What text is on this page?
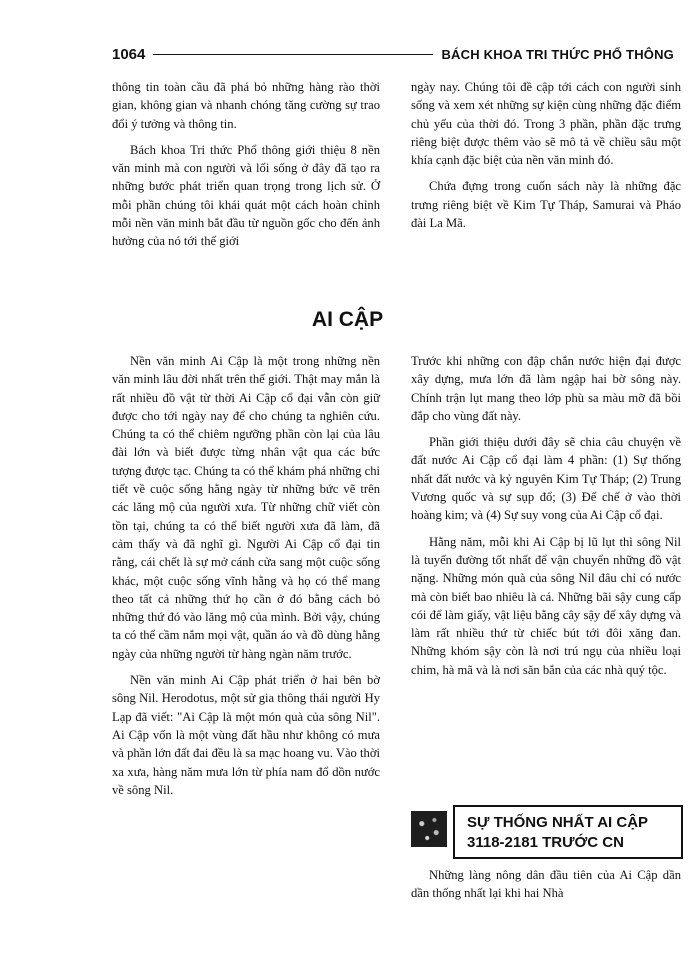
1064	BÁCH KHOA TRI THỨC PHỔ THÔNG

thông tin toàn cầu đã phá bỏ những hàng rào thời gian, không gian và nhanh chóng tăng cường sự trao đổi ý tưởng và thông tin.

Bách khoa Tri thức Phổ thông giới thiệu 8 nền văn minh mà con người và lối sống ở đây đã tạo ra những bước phát triển quan trọng trong lịch sử. Ở mỗi phần chúng tôi khái quát một cách hoàn chỉnh mỗi nền văn minh bắt đầu từ nguồn gốc cho đến ảnh hưởng của nó tới thế giới

ngày nay. Chúng tôi đề cập tới cách con người sinh sống và xem xét những sự kiện cùng những đặc điểm chủ yếu của thời đó. Trong 3 phần, phần đặc trưng riêng biệt được thêm vào sẽ mô tả về chiều sâu một khía cạnh đặc biệt của nền văn minh đó.

Chứa đựng trong cuốn sách này là những đặc trưng riêng biệt về Kim Tự Tháp, Samurai và Pháo đài La Mã.

AI CẬP

Nền văn minh Ai Cập là một trong những nền văn minh lâu đời nhất trên thế giới. Thật may mắn là rất nhiều đồ vật từ thời Ai Cập cổ đại vẫn còn giữ được cho tới ngày nay để cho chúng ta nghiên cứu. Chúng ta có thể chiêm ngưỡng phần còn lại của lâu đài lớn và biết được từng nhân vật qua các bức tượng được tạc. Chúng ta có thể khám phá những chi tiết về cuộc sống hằng ngày từ những bức vẽ trên các lăng mộ của người xưa. Từ những chữ viết còn tồn tại, chúng ta có thể biết người xưa đã làm, đã cảm thấy và đã nghĩ gì. Người Ai Cập cổ đại tin rằng, cái chết là sự mở cánh cửa sang một cuộc sống khác, một cuộc sống vĩnh hằng và họ có thể mang theo tất cả những thứ họ cần ở đó bằng cách bỏ những thứ đó vào lăng mộ của mình. Bởi vậy, chúng ta có thể cầm nắm mọi vật, quần áo và đồ dùng hằng ngày của những người từ hàng ngàn năm trước.

Nền văn minh Ai Cập phát triển ở hai bên bờ sông Nil. Herodotus, một sử gia thông thái người Hy Lạp đã viết: "Ai Cập là một món quà của sông Nil". Ai Cập vốn là một vùng đất hầu như không có mưa và phần lớn đất đai đều là sa mạc hoang vu. Vào thời xa xưa, hàng năm mưa lớn từ phía nam đổ dồn nước về sông Nil.

Trước khi những con đập chắn nước hiện đại được xây dựng, mưa lớn đã làm ngập hai bờ sông này. Chính trận lụt mang theo lớp phù sa màu mỡ đã bồi đắp cho vùng đất này.

Phần giới thiệu dưới đây sẽ chia câu chuyện về đất nước Ai Cập cổ đại làm 4 phần: (1) Sự thống nhất đất nước và kỷ nguyên Kim Tự Tháp; (2) Trung Vương quốc và sự sụp đổ; (3) Đế chế ở vào thời hoàng kim; và (4) Sự suy vong của Ai Cập cổ đại.

Hằng năm, mỗi khi Ai Cập bị lũ lụt thì sông Nil là tuyến đường tốt nhất để vận chuyển những đồ vật nặng. Những món quà của sông Nil đâu chỉ có nước mà còn biết bao nhiêu là cá. Những bãi sậy cung cấp cói để làm giấy, vật liệu bằng cây sậy để xây dựng và làm rất nhiều thứ từ chiếc bút tới đôi xăng đan. Những khóm sậy còn là nơi trú ngụ của nhiều loại chim, hà mã và là nơi săn bắn của các nhà quý tộc.

SỰ THỐNG NHẤT AI CẬP
3118-2181 TRƯỚC CN

Những làng nông dân đầu tiên của Ai Cập dần dần thống nhất lại khi hai Nhà
